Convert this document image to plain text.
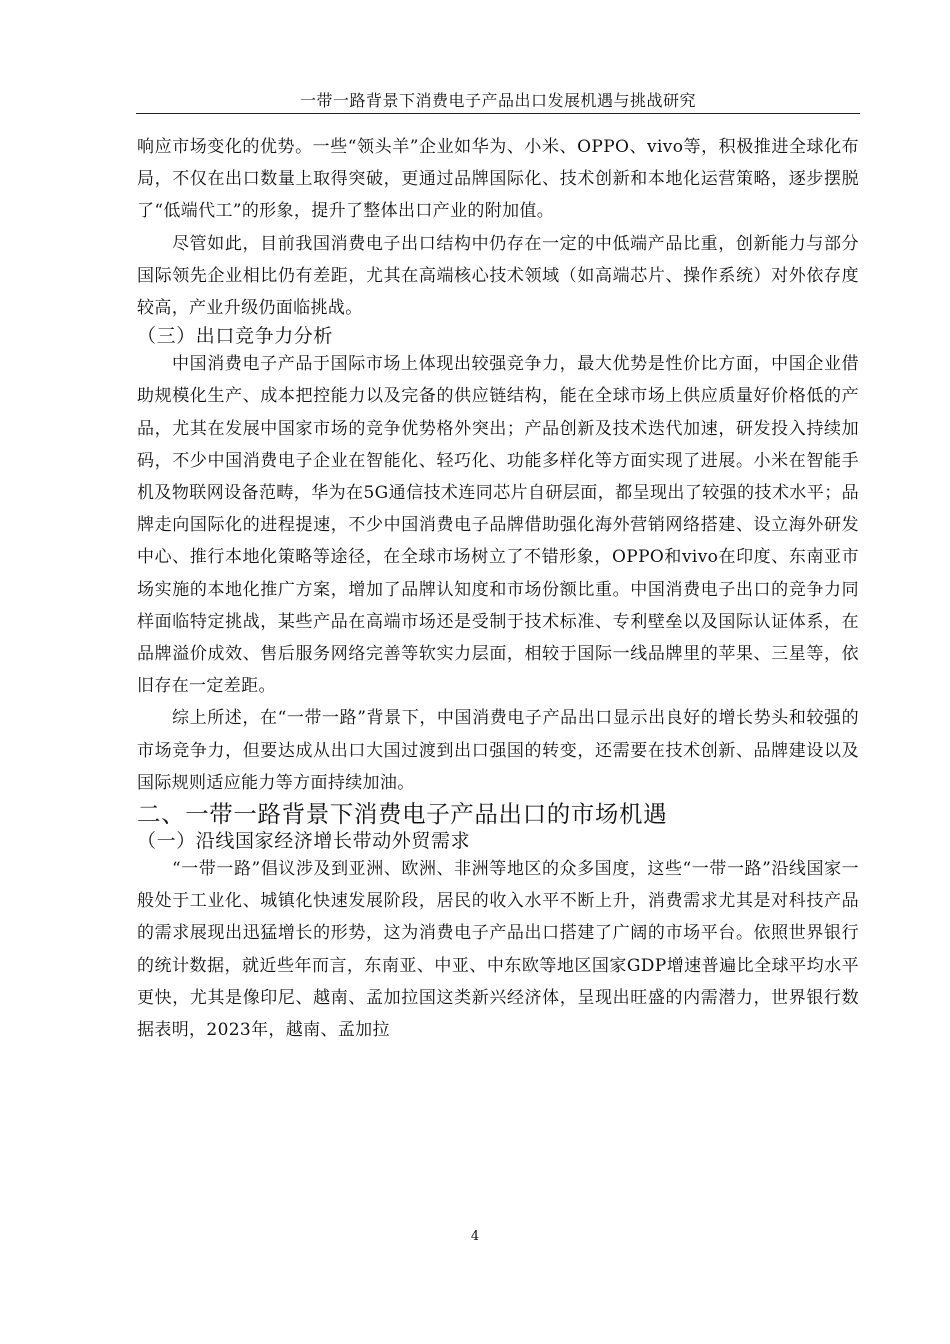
一带一路背景下消费电子产品出口发展机遇与挑战研究

响应市场变化的优势。一些“领头羊”企业如华为、小米、OPPO、vivo等，积极推进全球化布局，不仅在出口数量上取得突破，更通过品牌国际化、技术创新和本地化运营策略，逐步摆脱了“低端代工”的形象，提升了整体出口产业的附加值。

尽管如此，目前我国消费电子出口结构中仍存在一定的中低端产品比重，创新能力与部分国际领先企业相比仍有差距，尤其在高端核心技术领域（如高端芯片、操作系统）对外依存度较高，产业升级仍面临挑战。

（三）出口竞争力分析

中国消费电子产品于国际市场上体现出较强竞争力，最大优势是性价比方面，中国企业借助规模化生产、成本把控能力以及完备的供应链结构，能在全球市场上供应质量好价格低的产品，尤其在发展中国家市场的竞争优势格外突出；产品创新及技术迭代加速，研发投入持续加码，不少中国消费电子企业在智能化、轻巧化、功能多样化等方面实现了进展。小米在智能手机及物联网设备范畴，华为在5G通信技术连同芯片自研层面，都呈现出了较强的技术水平；品牌走向国际化的进程提速，不少中国消费电子品牌借助强化海外营销网络搭建、设立海外研发中心、推行本地化策略等途径，在全球市场树立了不错形象，OPPO和vivo在印度、东南亚市场实施的本地化推广方案，增加了品牌认知度和市场份额比重。中国消费电子出口的竞争力同样面临特定挑战，某些产品在高端市场还是受制于技术标准、专利壁垒以及国际认证体系，在品牌溢价成效、售后服务网络完善等软实力层面，相较于国际一线品牌里的苹果、三星等，依旧存在一定差距。

综上所述，在“一带一路”背景下，中国消费电子产品出口显示出良好的增长势头和较强的市场竞争力，但要达成从出口大国过渡到出口强国的转变，还需要在技术创新、品牌建设以及国际规则适应能力等方面持续加油。

二、一带一路背景下消费电子产品出口的市场机遇
（一）沿线国家经济增长带动外贸需求

“一带一路”倡议涉及到亚洲、欧洲、非洲等地区的众多国度，这些“一带一路”沿线国家一般处于工业化、城镇化快速发展阶段，居民的收入水平不断上升，消费需求尤其是对科技产品的需求展现出迅猛增长的形势，这为消费电子产品出口搭建了广阔的市场平台。依照世界银行的统计数据，就近些年而言，东南亚、中亚、中东欧等地区国家GDP增速普遍比全球平均水平更快，尤其是像印尼、越南、孟加拉国这类新兴经济体，呈现出旺盛的内需潜力，世界银行数据表明，2023年，越南、孟加拉

4
